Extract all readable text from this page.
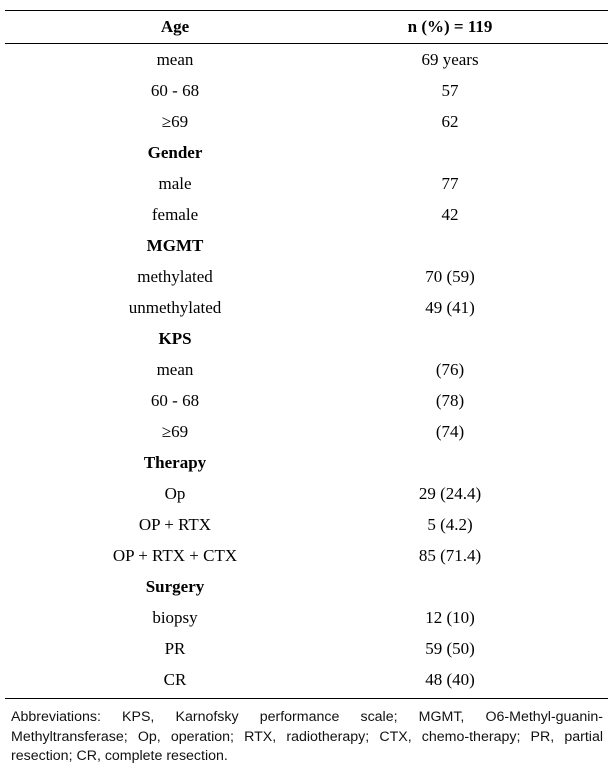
Age	n (%) = 119
mean	69 years
60 - 68	57
≥69	62
Gender
male	77
female	42
MGMT
methylated	70 (59)
unmethylated	49 (41)
KPS
mean	(76)
60 - 68	(78)
≥69	(74)
Therapy
Op	29 (24.4)
OP + RTX	5 (4.2)
OP + RTX + CTX	85 (71.4)
Surgery
biopsy	12 (10)
PR	59 (50)
CR	48 (40)
Abbreviations: KPS, Karnofsky performance scale; MGMT, O6-Methyl-guanin-Methyltransferase; Op, operation; RTX, radiotherapy; CTX, chemo-therapy; PR, partial resection; CR, complete resection.
